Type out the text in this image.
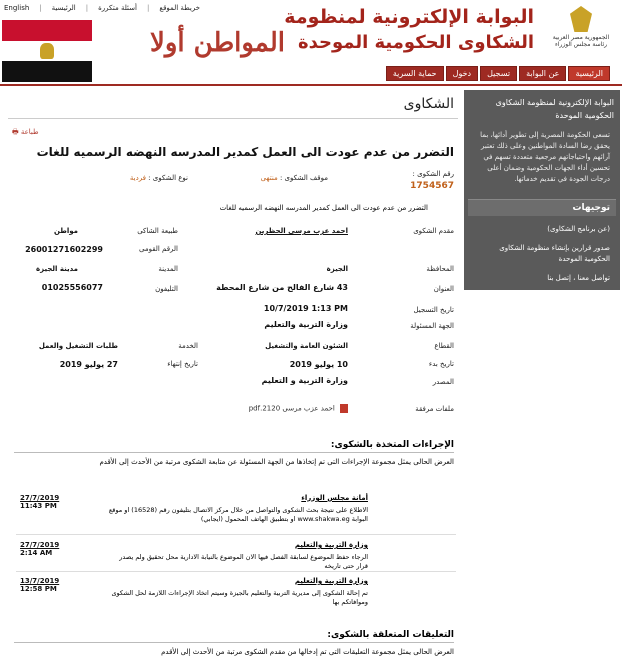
English | الرئيسية | أسئلة متكررة | خريطة الموقع
المواطن أولا
البوابة الإلكترونية لمنظومة
الشكاوى الحكومية الموحدة	الجمهورية مصر العربية
رئاسة مجلس الوزراء
الرئيسية
عن البوابة
تسجيل
دخول
حماية السرية
البوابة الإلكترونية لمنظومة الشكاوى الحكومية الموحدة
تسعى الحكومة المصرية إلى تطوير أدائها، بما يحقق رضا السادة المواطنين وعلى ذلك تعتبر آرائهم واحتياجاتهم مرجعية متعددة تسهم في تحسين أداء الجهات الحكومية وضمان أعلى درجات الجودة في تقديم خدماتها.
توجيهات
(عن برنامج الشكاوى)
صدور قرارين بإنشاء منظومة الشكاوى الحكومية الموحدة
تواصل معنا ، إتصل بنا
الشكاوى
طباعة 🖶
التضرر من عدم عودت الى العمل كمدير المدرسه النهضه الرسميه للغات
رقم الشكوى :
1754567
موقف الشكوى : منتهى
نوع الشكوى : فردية
التضرر من عدم عودت الى العمل كمدير المدرسه النهضه الرسميه للغات
مقدم الشكوى
احمد عزب مرسى الحظرين
طبيعة الشاكى
مواطن
الرقم القومى
26001271602299
المحافظة
الجيزة
المدينة
مدينة الجيزة
العنوان
43 شارع الفالح من شارع المحطة
التليفون
01025556077
تاريخ التسجيل
10/7/2019 1:13 PM
الجهة المسئولة
وزارة التربية والتعليم
القطاع
الشئون العامة والتشغيل
الخدمة
طلبات التشغيل والعمل
تاريخ بدء
10 يوليو 2019
تاريخ إنتهاء
27 يوليو 2019
المصدر
وزارة التربية و التعليم
ملفات مرفقة
احمد عزب مرسى 2120.pdf
الإجراءات المتخذة بالشكوى:
العرض الحالى يمثل مجموعة الإجراءات التى تم إتخاذها من الجهة المسئولة عن متابعة الشكوى مرتبة من الأحدث إلى الأقدم
27/7/2019
11:43 PM
أمانة مجلس الوزراء
الاطلاع على نتيجة بحث الشكوى والتواصل من خلال مركز الاتصال بتليفون رقم (16528) او موقع البوابة www.shakwa.eg او بتطبيق الهاتف المحمول (ايجابي)
27/7/2019
2:14 AM
وزارة التربية والتعليم
الرجاء حفظ الموضوع لسابقة الفصل فيها الان الموضوع بالنيابة الادارية محل تحقيق ولم يصدر قرار حتى تاريخه
13/7/2019
12:58 PM
وزارة التربية والتعليم
تم إحالة الشكوى إلى مديرية التربية والتعليم بالجيزة وسيتم اتخاذ الإجراءات اللازمة لحل الشكوى وموافاتكم بها
التعليقات المتعلقة بالشكوى:
العرض الحالى يمثل مجموعة التعليقات التى تم إدخالها من مقدم الشكوى مرتبة من الأحدث إلى الأقدم
